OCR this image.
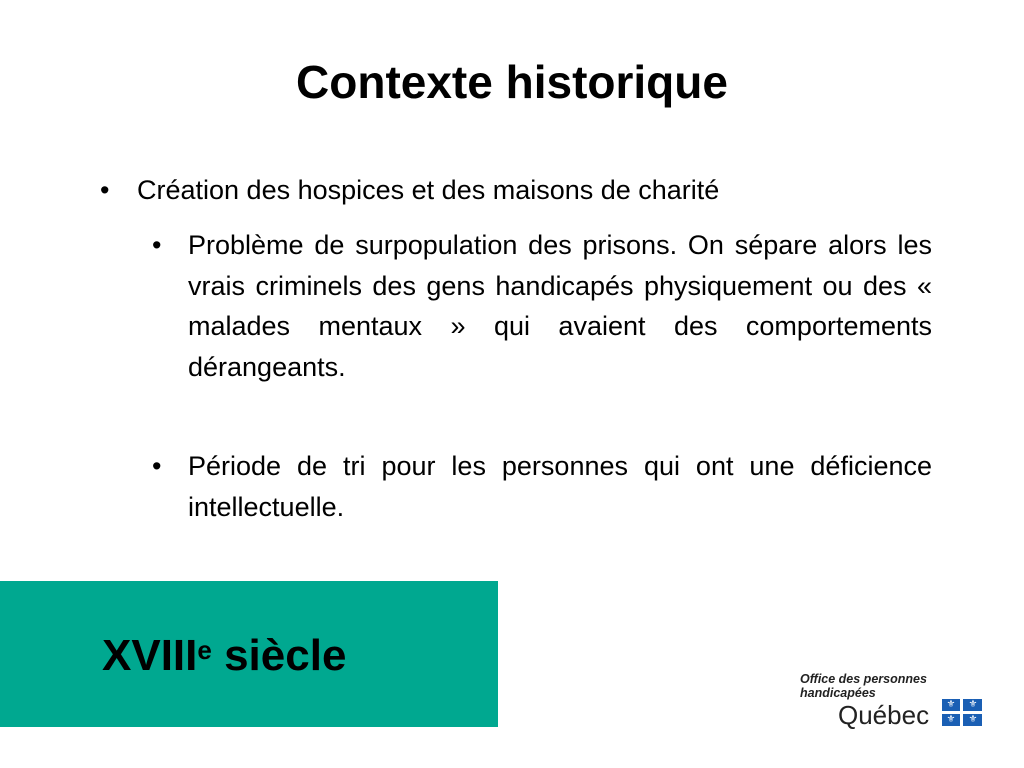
Contexte historique
• Création des hospices et des maisons de charité
• Problème de surpopulation des prisons. On sépare alors les vrais criminels des gens handicapés physiquement ou des « malades mentaux » qui avaient des comportements dérangeants.
• Période de tri pour les personnes qui ont une déficience intellectuelle.
XVIIIe siècle	Office des personnes
handicapées
Québec ⚜ ⚜
⚜ ⚜
